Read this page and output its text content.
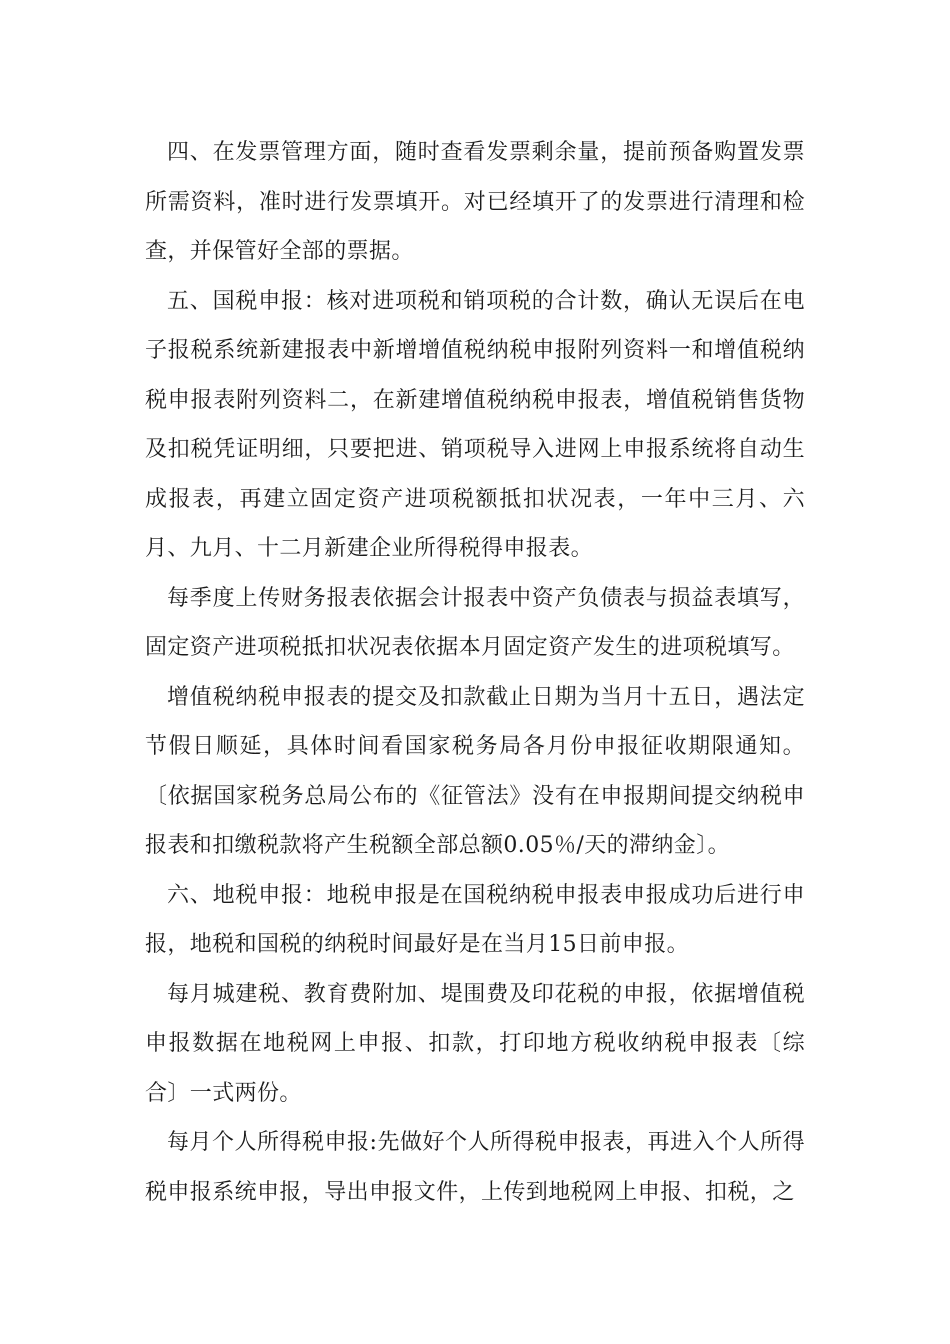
四、在发票管理方面，随时查看发票剩余量，提前预备购置发票所需资料，准时进行发票填开。对已经填开了的发票进行清理和检查，并保管好全部的票据。

五、国税申报：核对进项税和销项税的合计数，确认无误后在电子报税系统新建报表中新增增值税纳税申报附列资料一和增值税纳税申报表附列资料二，在新建增值税纳税申报表，增值税销售货物及扣税凭证明细，只要把进、销项税导入进网上申报系统将自动生成报表，再建立固定资产进项税额抵扣状况表，一年中三月、六月、九月、十二月新建企业所得税得申报表。

每季度上传财务报表依据会计报表中资产负债表与损益表填写，固定资产进项税抵扣状况表依据本月固定资产发生的进项税填写。

增值税纳税申报表的提交及扣款截止日期为当月十五日，遇法定节假日顺延，具体时间看国家税务局各月份申报征收期限通知。〔依据国家税务总局公布的《征管法》没有在申报期间提交纳税申报表和扣缴税款将产生税额全部总额0.05％/天的滞纳金〕。

六、地税申报：地税申报是在国税纳税申报表申报成功后进行申报，地税和国税的纳税时间最好是在当月15日前申报。

每月城建税、教育费附加、堤围费及印花税的申报，依据增值税申报数据在地税网上申报、扣款，打印地方税收纳税申报表〔综合〕一式两份。

每月个人所得税申报:先做好个人所得税申报表，再进入个人所得税申报系统申报，导出申报文件，上传到地税网上申报、扣税，之
